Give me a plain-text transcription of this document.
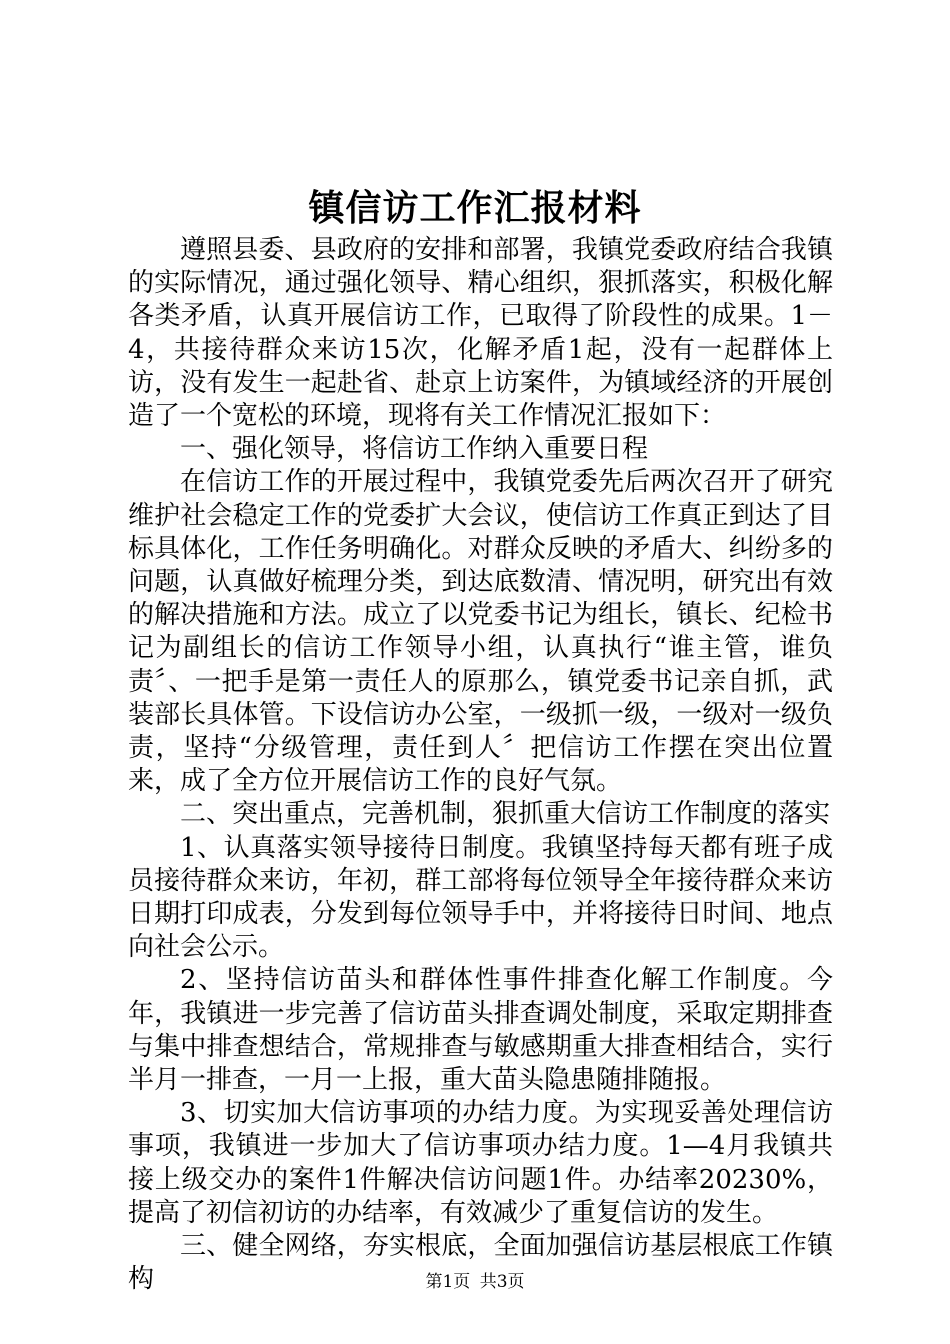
镇信访工作汇报材料

遵照县委、县政府的安排和部署，我镇党委政府结合我镇的实际情况，通过强化领导、精心组织，狠抓落实，积极化解各类矛盾，认真开展信访工作，已取得了阶段性的成果。1－4，共接待群众来访15次，化解矛盾1起，没有一起群体上访，没有发生一起赴省、赴京上访案件，为镇域经济的开展创造了一个宽松的环境，现将有关工作情况汇报如下：

一、强化领导，将信访工作纳入重要日程

在信访工作的开展过程中，我镇党委先后两次召开了研究维护社会稳定工作的党委扩大会议，使信访工作真正到达了目标具体化，工作任务明确化。对群众反映的矛盾大、纠纷多的问题，认真做好梳理分类，到达底数清、情况明，研究出有效的解决措施和方法。成立了以党委书记为组长，镇长、纪检书记为副组长的信访工作领导小组，认真执行“谁主管，谁负责〞、一把手是第一责任人的原那么，镇党委书记亲自抓，武装部长具体管。下设信访办公室，一级抓一级，一级对一级负责，坚持“分级管理，责任到人〞把信访工作摆在突出位置来，成了全方位开展信访工作的良好气氛。

二、突出重点，完善机制，狠抓重大信访工作制度的落实

1、认真落实领导接待日制度。我镇坚持每天都有班子成员接待群众来访，年初，群工部将每位领导全年接待群众来访日期打印成表，分发到每位领导手中，并将接待日时间、地点向社会公示。

2、坚持信访苗头和群体性事件排查化解工作制度。今年，我镇进一步完善了信访苗头排查调处制度，采取定期排查与集中排查想结合，常规排查与敏感期重大排查相结合，实行半月一排查，一月一上报，重大苗头隐患随排随报。

3、切实加大信访事项的办结力度。为实现妥善处理信访事项，我镇进一步加大了信访事项办结力度。1—4月我镇共接上级交办的案件1件解决信访问题1件。办结率20230%，提高了初信初访的办结率，有效减少了重复信访的发生。

三、健全网络，夯实根底，全面加强信访基层根底工作镇构	第1页 共3页
